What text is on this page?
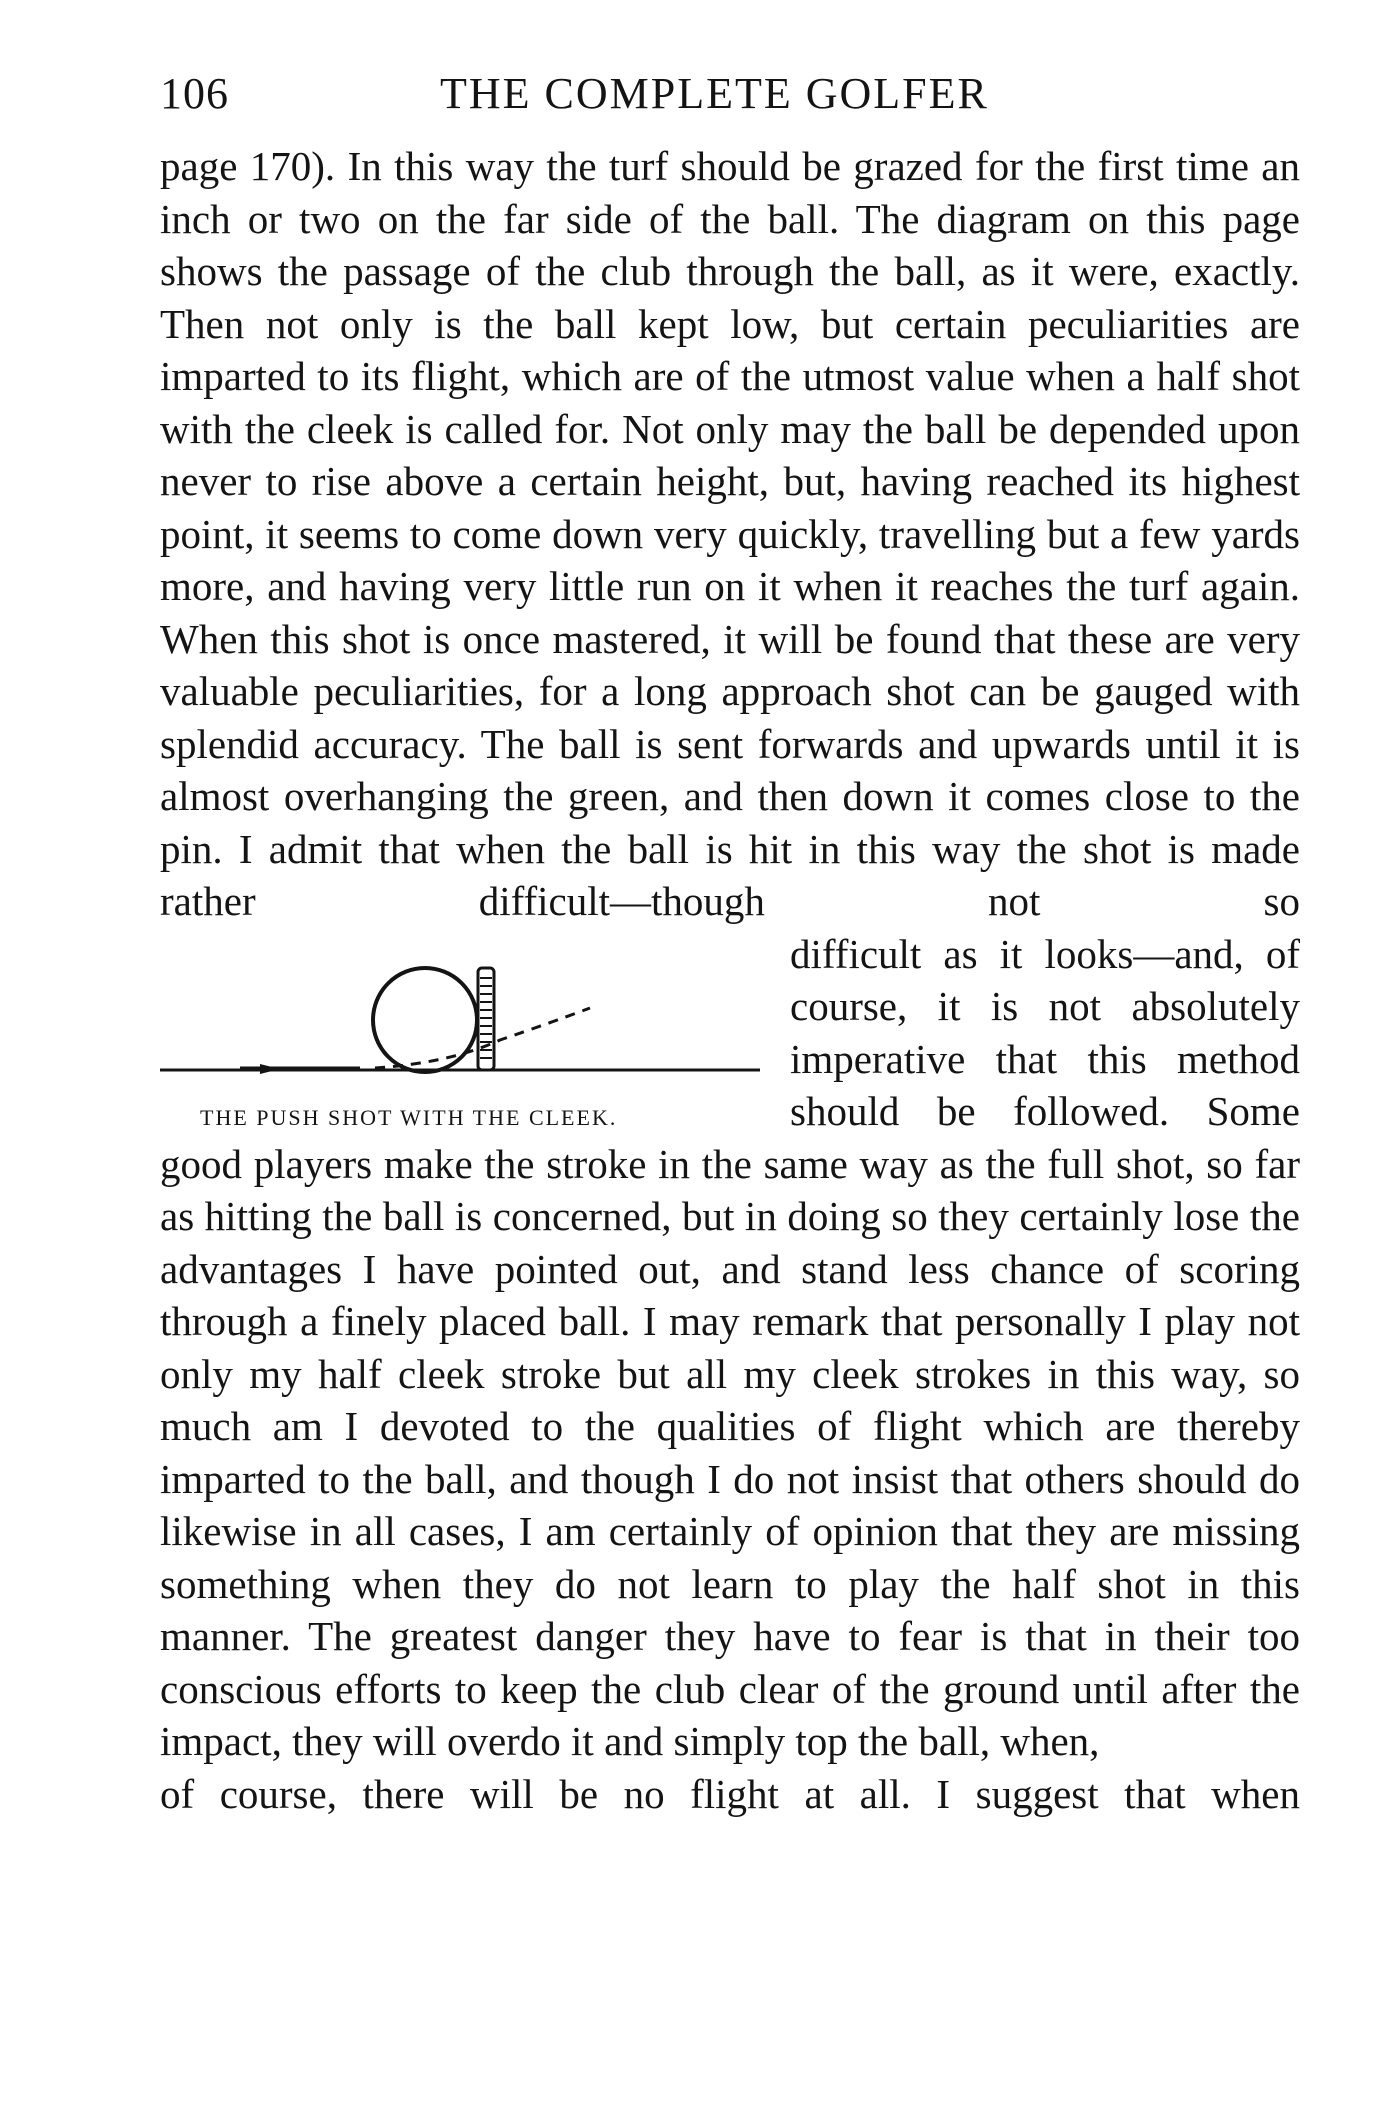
106	THE COMPLETE GOLFER

page 170). In this way the turf should be grazed for the first time an inch or two on the far side of the ball. The diagram on this page shows the passage of the club through the ball, as it were, exactly. Then not only is the ball kept low, but certain peculiarities are imparted to its flight, which are of the utmost value when a half shot with the cleek is called for. Not only may the ball be depended upon never to rise above a certain height, but, having reached its highest point, it seems to come down very quickly, travelling but a few yards more, and having very little run on it when it reaches the turf again. When this shot is once mastered, it will be found that these are very valuable peculiarities, for a long approach shot can be gauged with splendid accuracy. The ball is sent forwards and upwards until it is almost overhanging the green, and then down it comes close to the pin. I admit that when the ball is hit in this way the shot is made rather difficult—though not so

THE PUSH SHOT WITH THE CLEEK.
difficult as it looks—and, of
course, it is not absolutely
imperative that this method
should be followed. Some

good players make the stroke in the same way as the full shot, so far as hitting the ball is concerned, but in doing so they certainly lose the advantages I have pointed out, and stand less chance of scoring through a finely placed ball. I may remark that personally I play not only my half cleek stroke but all my cleek strokes in this way, so much am I devoted to the qualities of flight which are thereby imparted to the ball, and though I do not insist that others should do likewise in all cases, I am certainly of opinion that they are missing something when they do not learn to play the half shot in this manner. The greatest danger they have to fear is that in their too conscious efforts to keep the club clear of the ground until after the impact, they will overdo it and simply top the ball, when,
of course, there will be no flight at all. I suggest that when
